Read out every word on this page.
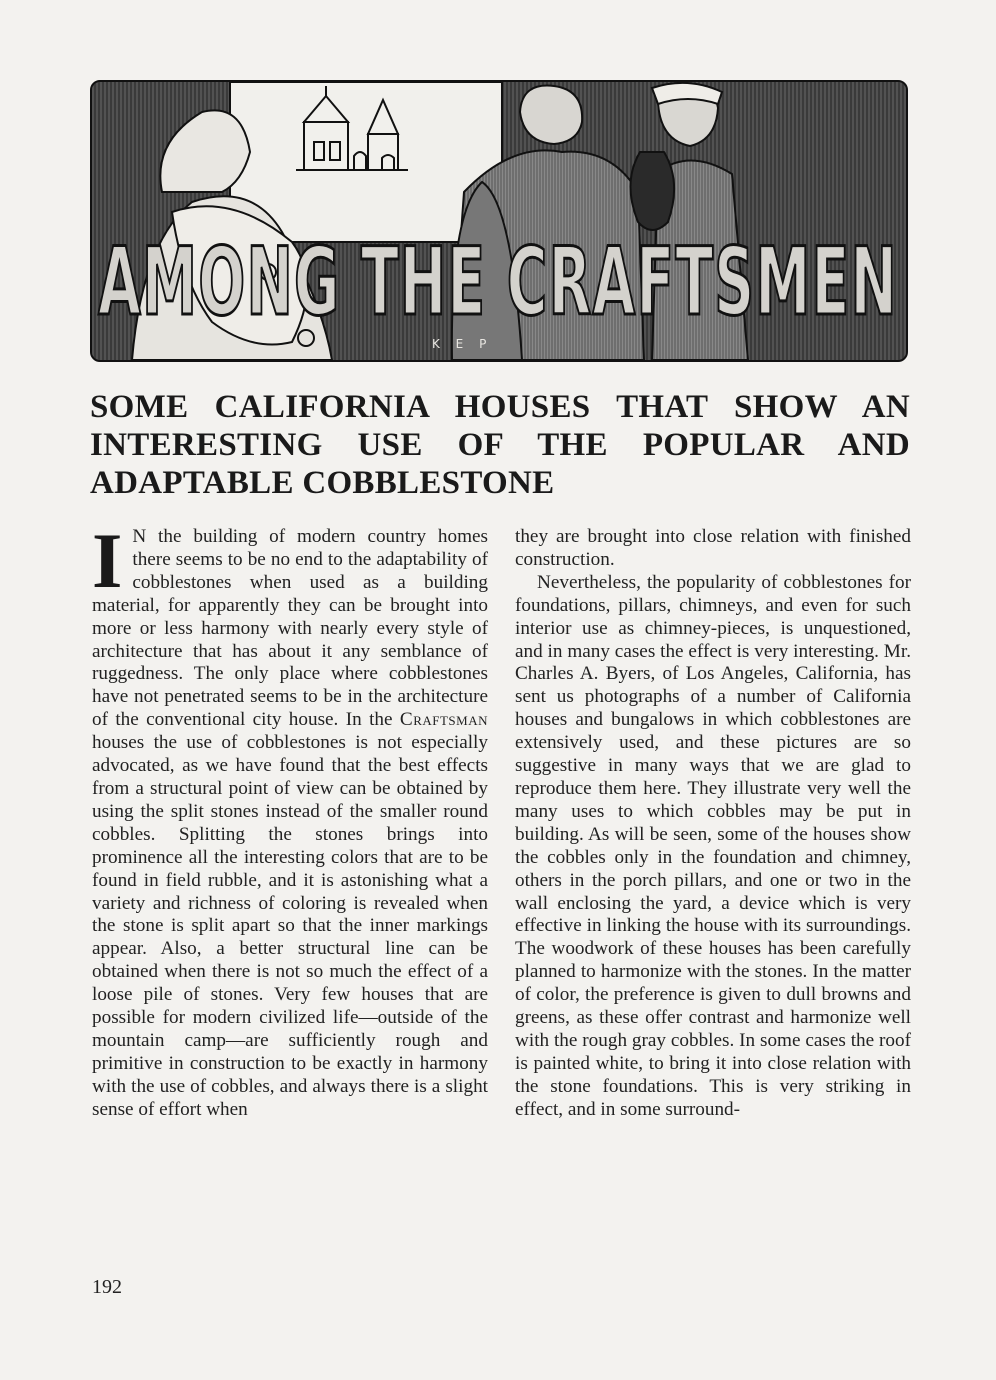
AMONG THE CRAFTSMEN
K E P
SOME CALIFORNIA HOUSES THAT SHOW AN INTERESTING USE OF THE POPULAR AND ADAPTABLE COBBLESTONE

I N the building of modern country homes there seems to be no end to the adaptability of cobblestones when used as a building material, for apparently they can be brought into more or less harmony with nearly every style of architecture that has about it any semblance of ruggedness. The only place where cobblestones have not penetrated seems to be in the architecture of the conventional city house. In the Craftsman houses the use of cobblestones is not especially advocated, as we have found that the best effects from a structural point of view can be obtained by using the split stones instead of the smaller round cobbles. Splitting the stones brings into prominence all the interesting colors that are to be found in field rubble, and it is astonishing what a variety and richness of coloring is revealed when the stone is split apart so that the inner markings appear. Also, a better structural line can be obtained when there is not so much the effect of a loose pile of stones. Very few houses that are possible for modern civilized life—outside of the mountain camp—are sufficiently rough and primitive in construction to be exactly in harmony with the use of cobbles, and always there is a slight sense of effort when

they are brought into close relation with finished construction.

Nevertheless, the popularity of cobblestones for foundations, pillars, chimneys, and even for such interior use as chimney-pieces, is unquestioned, and in many cases the effect is very interesting. Mr. Charles A. Byers, of Los Angeles, California, has sent us photographs of a number of California houses and bungalows in which cobblestones are extensively used, and these pictures are so suggestive in many ways that we are glad to reproduce them here. They illustrate very well the many uses to which cobbles may be put in building. As will be seen, some of the houses show the cobbles only in the foundation and chimney, others in the porch pillars, and one or two in the wall enclosing the yard, a device which is very effective in linking the house with its surroundings. The woodwork of these houses has been carefully planned to harmonize with the stones. In the matter of color, the preference is given to dull browns and greens, as these offer contrast and harmonize well with the rough gray cobbles. In some cases the roof is painted white, to bring it into close relation with the stone foundations. This is very striking in effect, and in some surround-

192
